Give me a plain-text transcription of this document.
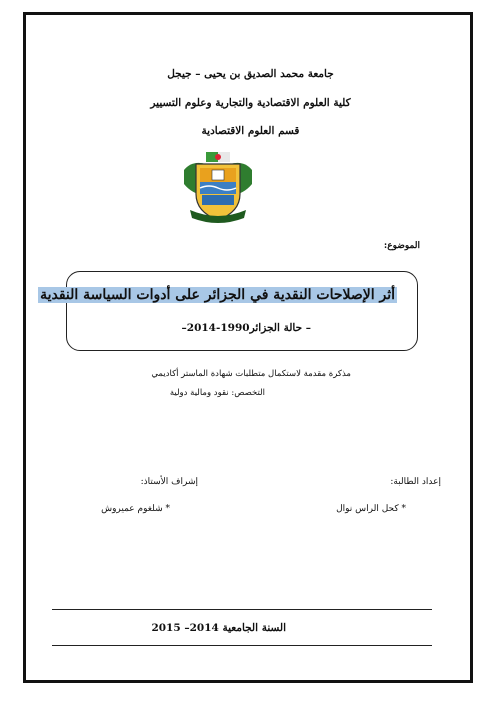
جامعة محمد الصديق بن يحيى – جيجل
كلية العلوم الاقتصادية والتجارية وعلوم التسيير
قسم العلوم الاقتصادية
الموضوع:
أثر الإصلاحات النقدية في الجزائر على أدوات السياسة النقدية
– حالة الجزائر1990-2014–
مذكرة مقدمة لاستكمال متطلبات شهادة الماستر أكاديمي
التخصص: نقود ومالية دولية
إعداد الطالبة:
إشراف الأستاذ:
* كحل الراس نوال
* شلغوم عميروش
السنة الجامعية 2014– 2015
